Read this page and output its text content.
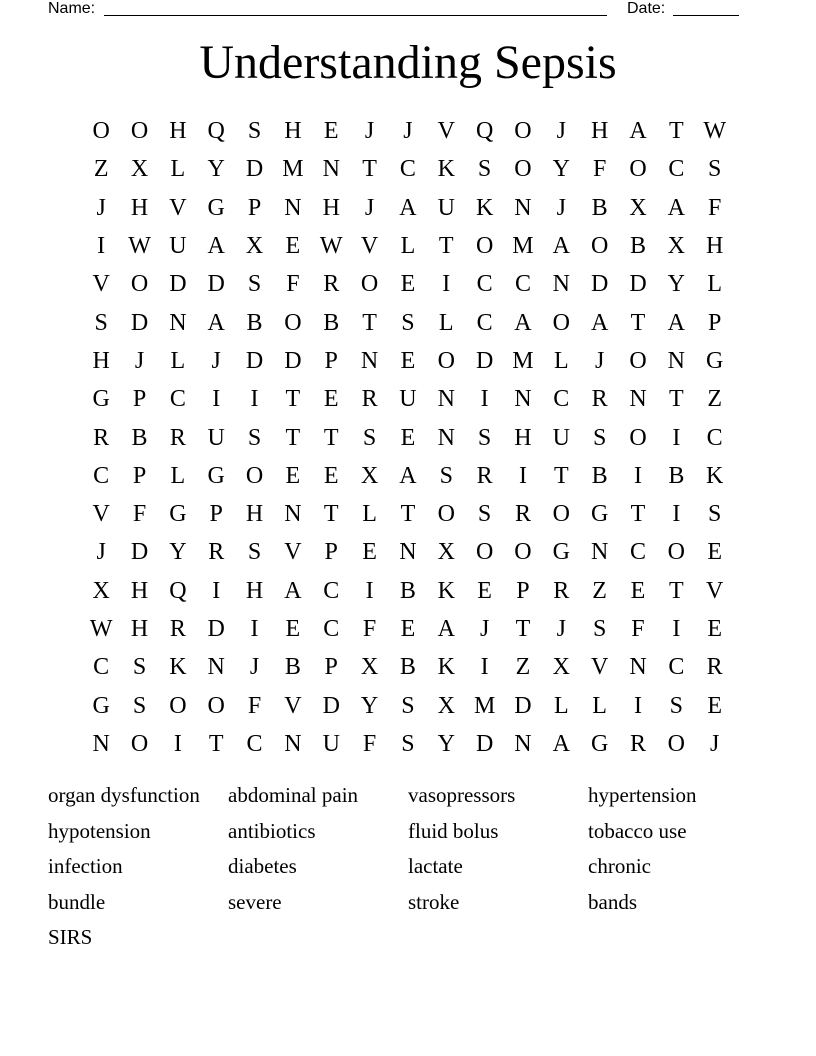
Name:	Date:
Understanding Sepsis
O O H Q S H E	J	J	V Q O	J	H A T W
Z X L Y D M N T C K S O Y F O C S
J	H V G P N H	J	A U K N	J	B X A F
I W U A X E W V L T O M A O B X H
V O D D S	F R O E	I	C C N D D Y L
S D N A B O B T	S	L C A O A T A P
H	J	L	J	D D P N E O D M L	J	O N G
G P C	I	I	T E R U N	I	N C R N T Z
R B R U S	T T	S	E N S H U S O	I	C
C P	L G O E E X A S R	I	T B	I	B K
V F G P H N T L T O S R O G T	I	S
J	D Y R S V P	E N X O O G N C O E
X H Q	I	H A C	I	B K E	P R Z E T V
W H R D	I	E C F	E A	J	T	J	S	F	I	E
C S K N	J	B P X B K	I	Z X V N C R
G S O O F V D Y S X M D L L	I	S	E
N O	I	T C N U F	S Y D N A G R O	J
organ dysfunction	abdominal pain	vasopressors	hypertension
hypotension	antibiotics	fluid bolus	tobacco use
infection	diabetes	lactate	chronic
bundle	severe	stroke	bands
SIRS
